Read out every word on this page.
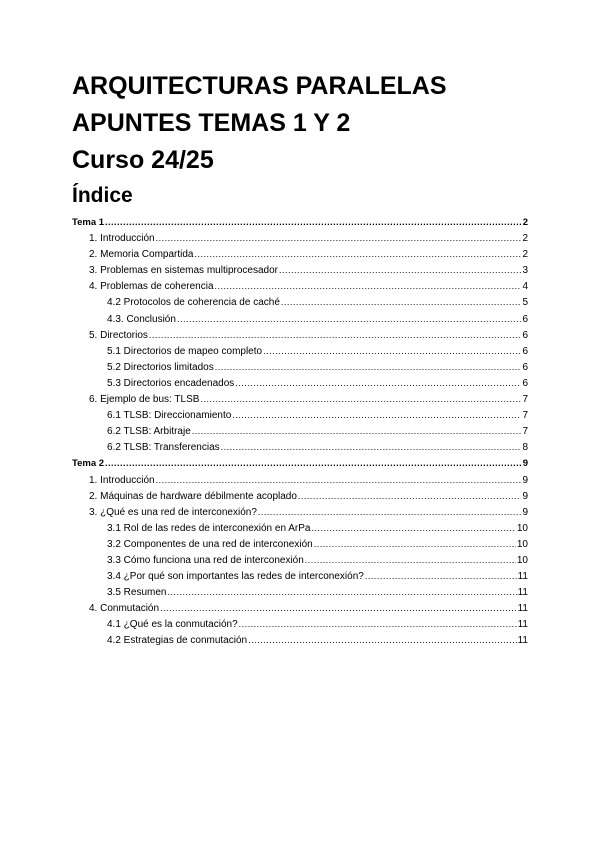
ARQUITECTURAS PARALELAS
APUNTES TEMAS 1 Y 2
Curso 24/25
Índice
Tema 1 .....	2
1. Introducción .....	2
2. Memoria Compartida .....	2
3. Problemas en sistemas multiprocesador .....	3
4. Problemas de coherencia .....	4
4.2 Protocolos de coherencia de caché .....	5
4.3. Conclusión .....	6
5. Directorios .....	6
5.1 Directorios de mapeo completo .....	6
5.2 Directorios limitados .....	6
5.3 Directorios encadenados .....	6
6. Ejemplo de bus: TLSB .....	7
6.1 TLSB: Direccionamiento .....	7
6.2 TLSB: Arbitraje .....	7
6.2 TLSB: Transferencias .....	8
Tema 2 .....	9
1. Introducción .....	9
2. Máquinas de hardware débilmente acoplado .....	9
3. ¿Qué es una red de interconexión? .....	9
3.1 Rol de las redes de interconexión en ArPa .....	10
3.2 Componentes de una red de interconexión .....	10
3.3 Cómo funciona una red de interconexión .....	10
3.4 ¿Por qué son importantes las redes de interconexión? .....	11
3.5 Resumen .....	11
4. Conmutación .....	11
4.1 ¿Qué es la conmutación? .....	11
4.2 Estrategias de conmutación .....	11
